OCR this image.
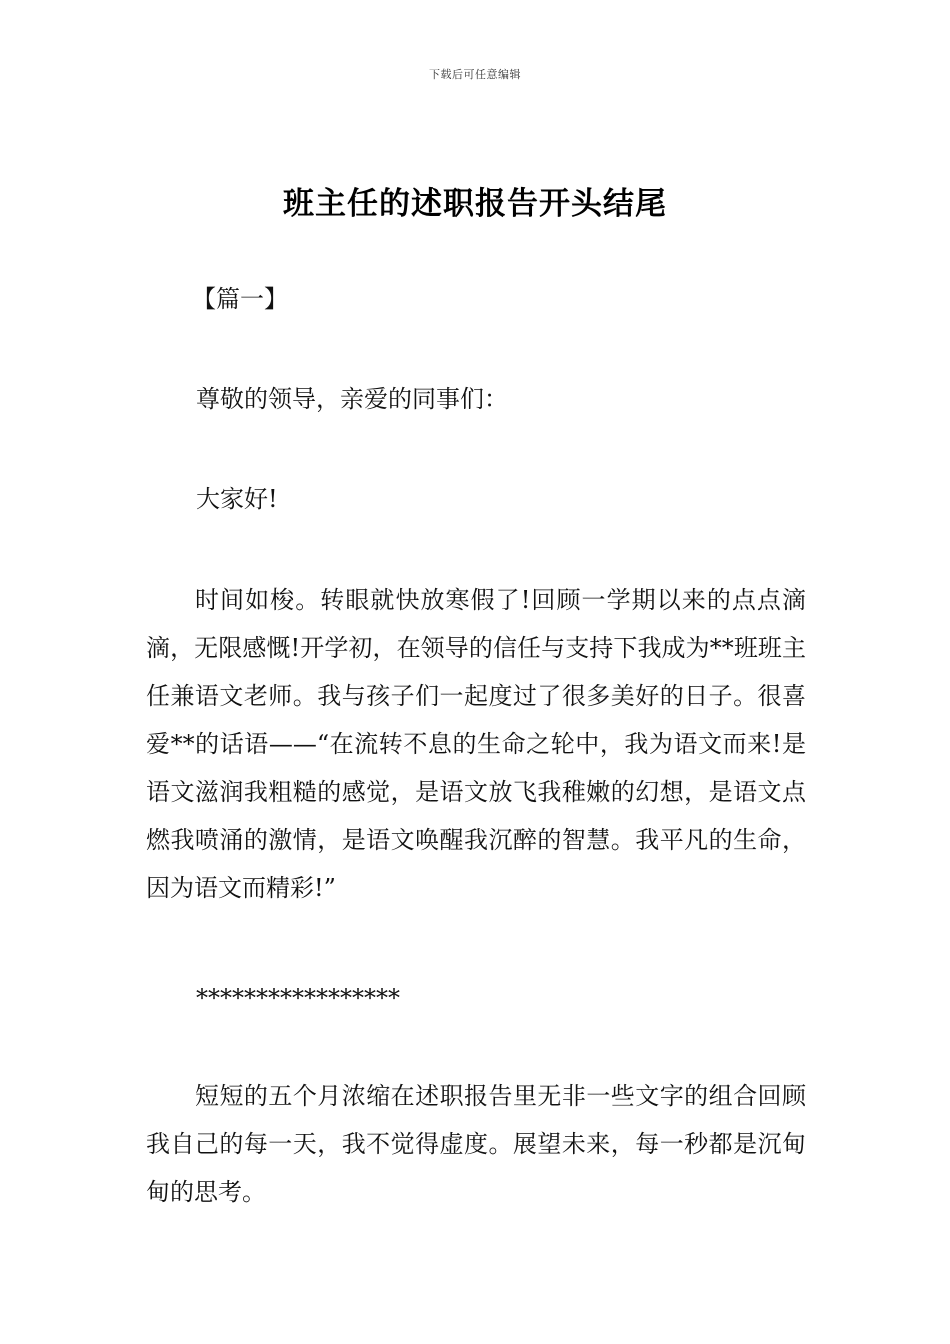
下载后可任意编辑
班主任的述职报告开头结尾
【篇一】
尊敬的领导，亲爱的同事们：
大家好!

时间如梭。转眼就快放寒假了!回顾一学期以来的点点滴滴，无限感慨!开学初，在领导的信任与支持下我成为**班班主任兼语文老师。我与孩子们一起度过了很多美好的日子。很喜爱**的话语——“在流转不息的生命之轮中，我为语文而来!是语文滋润我粗糙的感觉，是语文放飞我稚嫩的幻想，是语文点燃我喷涌的激情，是语文唤醒我沉醉的智慧。我平凡的生命，因为语文而精彩!”

*****************

短短的五个月浓缩在述职报告里无非一些文字的组合回顾我自己的每一天，我不觉得虚度。展望未来，每一秒都是沉甸甸的思考。
